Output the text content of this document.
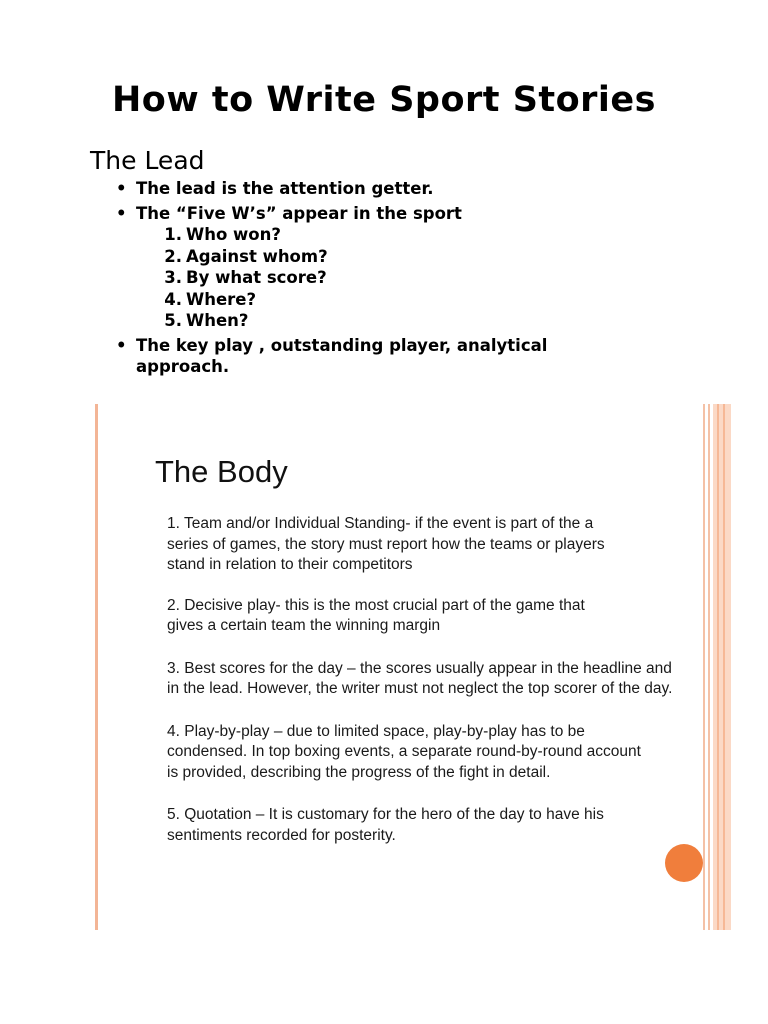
How to Write Sport Stories
The Lead
• The lead is the attention getter.
• The “Five W’s” appear in the sport
1. Who won?
2. Against whom?
3. By what score?
4. Where?
5. When?
• The key play , outstanding player, analytical approach.
The Body

1. Team and/or Individual Standing- if the event is part of the a
series of games, the story must report how the teams or players
stand in relation to their competitors

2. Decisive play- this is the most crucial part of the game that
gives a certain team the winning margin

3. Best scores for the day – the scores usually appear in the headline and
in the lead. However, the writer must not neglect the top scorer of the day.

4. Play-by-play – due to limited space, play-by-play has to be
condensed. In top boxing events, a separate round-by-round account
is provided, describing the progress of the fight in detail.

5. Quotation – It is customary for the hero of the day to have his
sentiments recorded for posterity.
